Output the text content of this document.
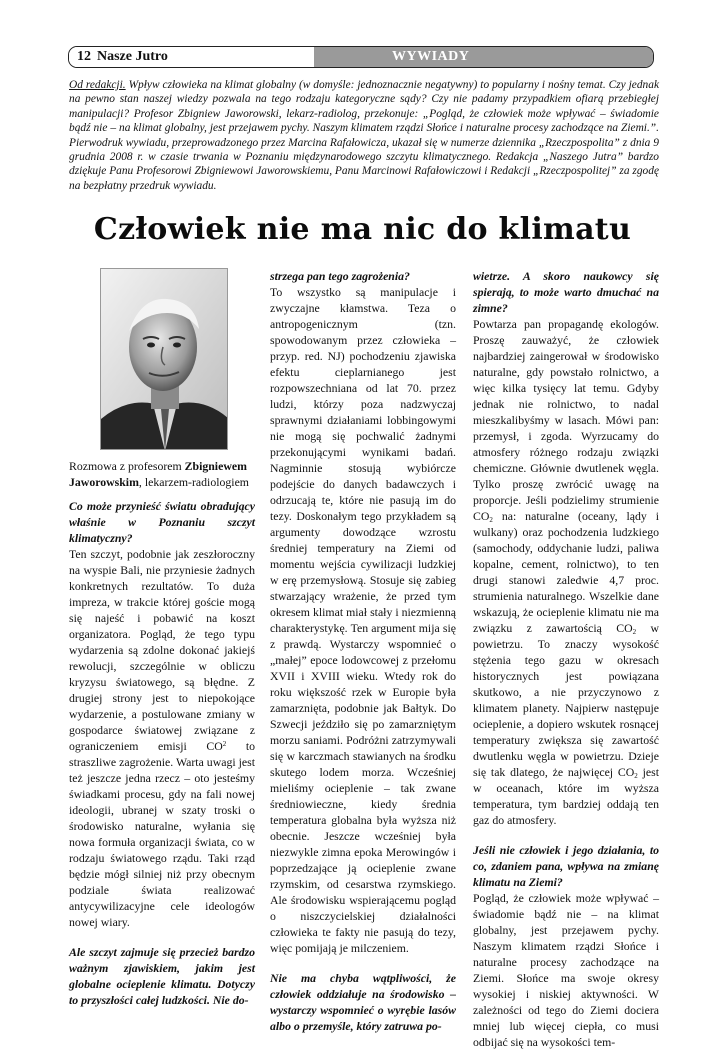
12 Nasze Jutro	WYWIADY
Od redakcji. Wpływ człowieka na klimat globalny (w domyśle: jednoznacznie negatywny) to popularny i nośny temat. Czy jednak na pewno stan naszej wiedzy pozwala na tego rodzaju kategoryczne sądy? Czy nie padamy przypadkiem ofiarą przebiegłej manipulacji? Profesor Zbigniew Jaworowski, lekarz-radiolog, przekonuje: „Pogląd, że człowiek może wpływać – świadomie bądź nie – na klimat globalny, jest przejawem pychy. Naszym klimatem rządzi Słońce i naturalne procesy zachodzące na Ziemi.”. Pierwodruk wywiadu, przeprowadzonego przez Marcina Rafałowicza, ukazał się w numerze dziennika „Rzeczpospolita” z dnia 9 grudnia 2008 r. w czasie trwania w Poznaniu międzynarodowego szczytu klimatycznego. Redakcja „Naszego Jutra” bardzo dziękuje Panu Profesorowi Zbigniewowi Jaworowskiemu, Panu Marcinowi Rafałowiczowi i Redakcji „Rzeczpospolitej” za zgodę na bezpłatny przedruk wywiadu.
Człowiek nie ma nic do klimatu

Rozmowa z profesorem Zbigniewem Jaworowskim, lekarzem-radiologiem

Co może przynieść światu obradujący właśnie w Poznaniu szczyt klimatyczny?

Ten szczyt, podobnie jak zeszłoroczny na wyspie Bali, nie przyniesie żadnych konkretnych rezultatów. To duża impreza, w trakcie której goście mogą się najeść i pobawić na koszt organizatora. Pogląd, że tego typu wydarzenia są zdolne dokonać jakiejś rewolucji, szczególnie w obliczu kryzysu światowego, są błędne. Z drugiej strony jest to niepokojące wydarzenie, a postulowane zmiany w gospodarce światowej związane z ograniczeniem emisji $CO^2$ to straszliwe zagrożenie. Warta uwagi jest też jeszcze jedna rzecz – oto jesteśmy świadkami procesu, gdy na fali nowej ideologii, ubranej w szaty troski o środowisko naturalne, wyłania się nowa formuła organizacji świata, co w rodzaju światowego rządu. Taki rząd będzie mógł silniej niż przy obecnym podziale świata realizować antycywilizacyjne cele ideologów nowej wiary.

Ale szczyt zajmuje się przecież bardzo ważnym zjawiskiem, jakim jest globalne ocieplenie klimatu. Dotyczy to przyszłości całej ludzkości. Nie do-

strzega pan tego zagrożenia?

To wszystko są manipulacje i zwyczajne kłamstwa. Teza o antropogenicznym (tzn. spowodowanym przez człowieka – przyp. red. NJ) pochodzeniu zjawiska efektu cieplarnianego jest rozpowszechniana od lat 70. przez ludzi, którzy poza nadzwyczaj sprawnymi działaniami lobbingowymi nie mogą się pochwalić żadnymi przekonującymi wynikami badań. Nagminnie stosują wybiórcze podejście do danych badawczych i odrzucają te, które nie pasują im do tezy. Doskonałym tego przykładem są argumenty dowodzące wzrostu średniej temperatury na Ziemi od momentu wejścia cywilizacji ludzkiej w erę przemysłową. Stosuje się zabieg stwarzający wrażenie, że przed tym okresem klimat miał stały i niezmienną charakterystykę. Ten argument mija się z prawdą. Wystarczy wspomnieć o „małej” epoce lodowcowej z przełomu XVII i XVIII wieku. Wtedy rok do roku większość rzek w Europie była zamarznięta, podobnie jak Bałtyk. Do Szwecji jeździło się po zamarzniętym morzu saniami. Podróżni zatrzymywali się w karczmach stawianych na środku skutego lodem morza. Wcześniej mieliśmy ocieplenie – tak zwane średniowieczne, kiedy średnia temperatura globalna była wyższa niż obecnie. Jeszcze wcześniej była niezwykle zimna epoka Merowingów i poprzedzające ją ocieplenie zwane rzymskim, od cesarstwa rzymskiego. Ale środowisku wspierającemu pogląd o niszczycielskiej działalności człowieka te fakty nie pasują do tezy, więc pomijają je milczeniem.

Nie ma chyba wątpliwości, że człowiek oddziałuje na środowisko – wystarczy wspomnieć o wyrębie lasów albo o przemyśle, który zatruwa po-

wietrze. A skoro naukowcy się spierają, to może warto dmuchać na zimne?

Powtarza pan propagandę ekologów. Proszę zauważyć, że człowiek najbardziej zaingerował w środowisko naturalne, gdy powstało rolnictwo, a więc kilka tysięcy lat temu. Gdyby jednak nie rolnictwo, to nadal mieszkalibyśmy w lasach. Mówi pan: przemysł, i zgoda. Wyrzucamy do atmosfery różnego rodzaju związki chemiczne. Głównie dwutlenek węgla. Tylko proszę zwrócić uwagę na proporcje. Jeśli podzielimy strumienie $CO_2$ na: naturalne (oceany, lądy i wulkany) oraz pochodzenia ludzkiego (samochody, oddychanie ludzi, paliwa kopalne, cement, rolnictwo), to ten drugi stanowi zaledwie 4,7 proc. strumienia naturalnego. Wszelkie dane wskazują, że ocieplenie klimatu nie ma związku z zawartością $CO_2$ w powietrzu. To znaczy wysokość stężenia tego gazu w okresach historycznych jest powiązana skutkowo, a nie przyczynowo z klimatem planety. Najpierw następuje ocieplenie, a dopiero wskutek rosnącej temperatury zwiększa się zawartość dwutlenku węgla w powietrzu. Dzieje się tak dlatego, że najwięcej $CO_2$ jest w oceanach, które im wyższa temperatura, tym bardziej oddają ten gaz do atmosfery.

Jeśli nie człowiek i jego działania, to co, zdaniem pana, wpływa na zmianę klimatu na Ziemi?

Pogląd, że człowiek może wpływać – świadomie bądź nie – na klimat globalny, jest przejawem pychy. Naszym klimatem rządzi Słońce i naturalne procesy zachodzące na Ziemi. Słońce ma swoje okresy wysokiej i niskiej aktywności. W zależności od tego do Ziemi dociera mniej lub więcej ciepła, co musi odbijać się na wysokości tem-
